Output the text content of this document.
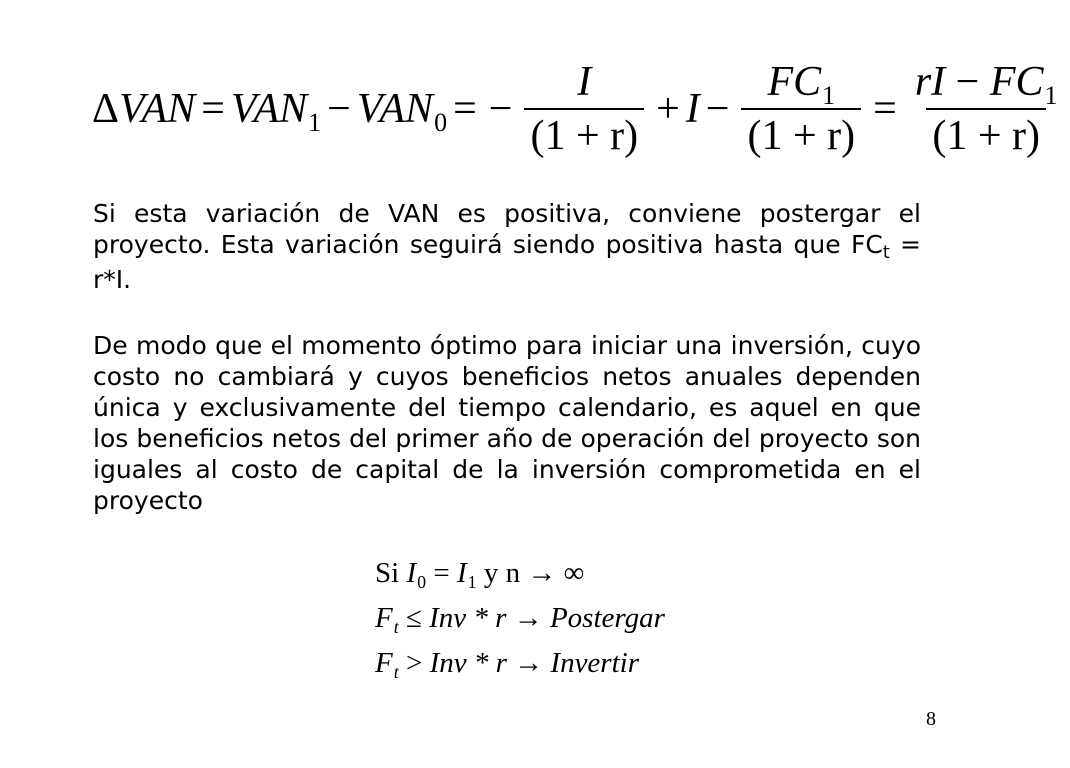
$\Delta VAN = VAN_1 - VAN_0$ = − $\frac{I}{(1 + r)} + I - \frac{FC_1}{(1 + r)} = \frac{rI - FC_1}{(1 + r)}$

Si esta variación de VAN es positiva, conviene postergar el proyecto. Esta variación seguirá siendo positiva hasta que $FC_t = r*I$.

De modo que el momento óptimo para iniciar una inversión, cuyo costo no cambiará y cuyos beneficios netos anuales dependen única y exclusivamente del tiempo calendario, es aquel en que los beneficios netos del primer año de operación del proyecto son iguales al costo de capital de la inversión comprometida en el proyecto

Si $I_0 = I_1$ y n → ∞
$F_t$ ≤ Inv * r → Postergar
$F_t$ > Inv * r → Invertir
8
